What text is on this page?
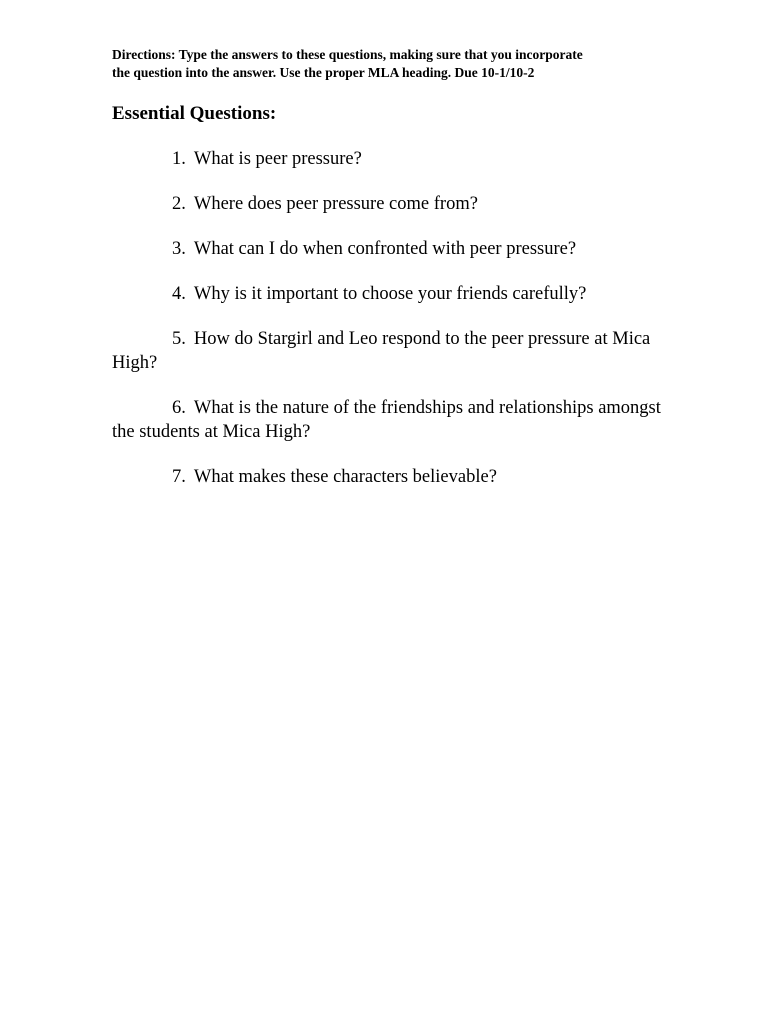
Directions: Type the answers to these questions, making sure that you incorporate
the question into the answer. Use the proper MLA heading. Due 10-1/10-2
Essential Questions:
1. What is peer pressure?
2. Where does peer pressure come from?
3. What can I do when confronted with peer pressure?
4. Why is it important to choose your friends carefully?
5. How do Stargirl and Leo respond to the peer pressure at Mica High?
6. What is the nature of the friendships and relationships amongst the students at Mica High?
7. What makes these characters believable?
